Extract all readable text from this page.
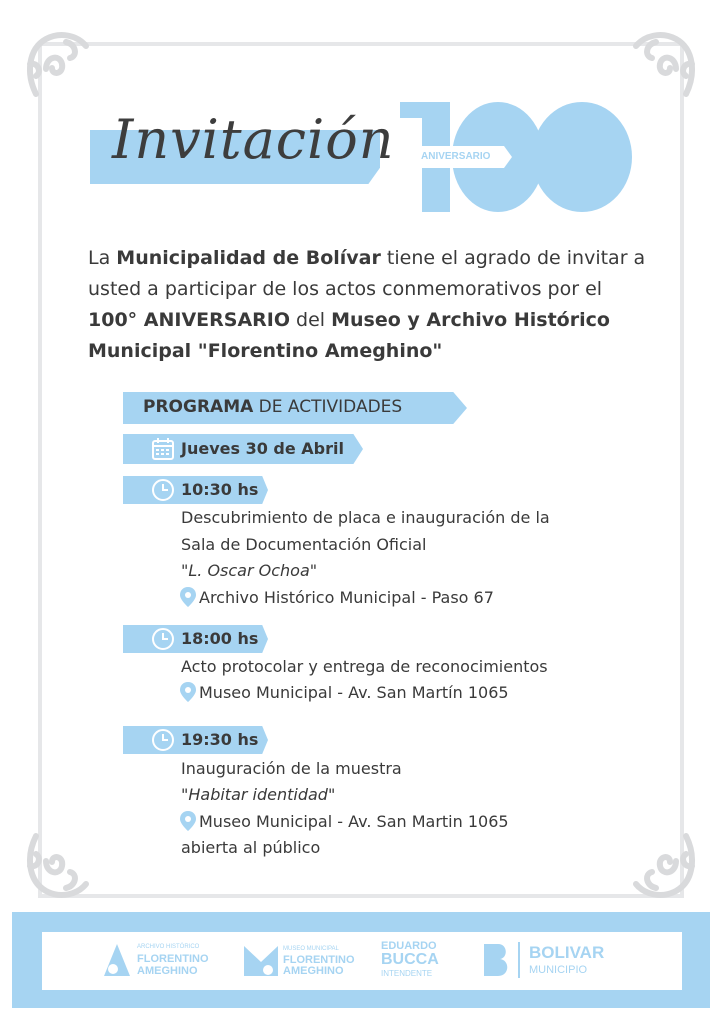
Invitación	ANIVERSARIO
La Municipalidad de Bolívar tiene el agrado de invitar a usted a participar de los actos conmemorativos por el 100° ANIVERSARIO del Museo y Archivo Histórico Municipal "Florentino Ameghino"
PROGRAMA DE ACTIVIDADES
Jueves 30 de Abril
10:30 hs
Descubrimiento de placa e inauguración de la
Sala de Documentación Oficial
"L. Oscar Ochoa"
Archivo Histórico Municipal - Paso 67
18:00 hs
Acto protocolar y entrega de reconocimientos
Museo Municipal - Av. San Martín 1065
19:30 hs
Inauguración de la muestra
"Habitar identidad"
Museo Municipal - Av. San Martin 1065
abierta al público
ARCHIVO HISTÓRICO
FLORENTINO
AMEGHINO
MUSEO MUNICIPAL
FLORENTINO
AMEGHINO
EDUARDO
BUCCA
INTENDENTE
BOLIVAR
MUNICIPIO
